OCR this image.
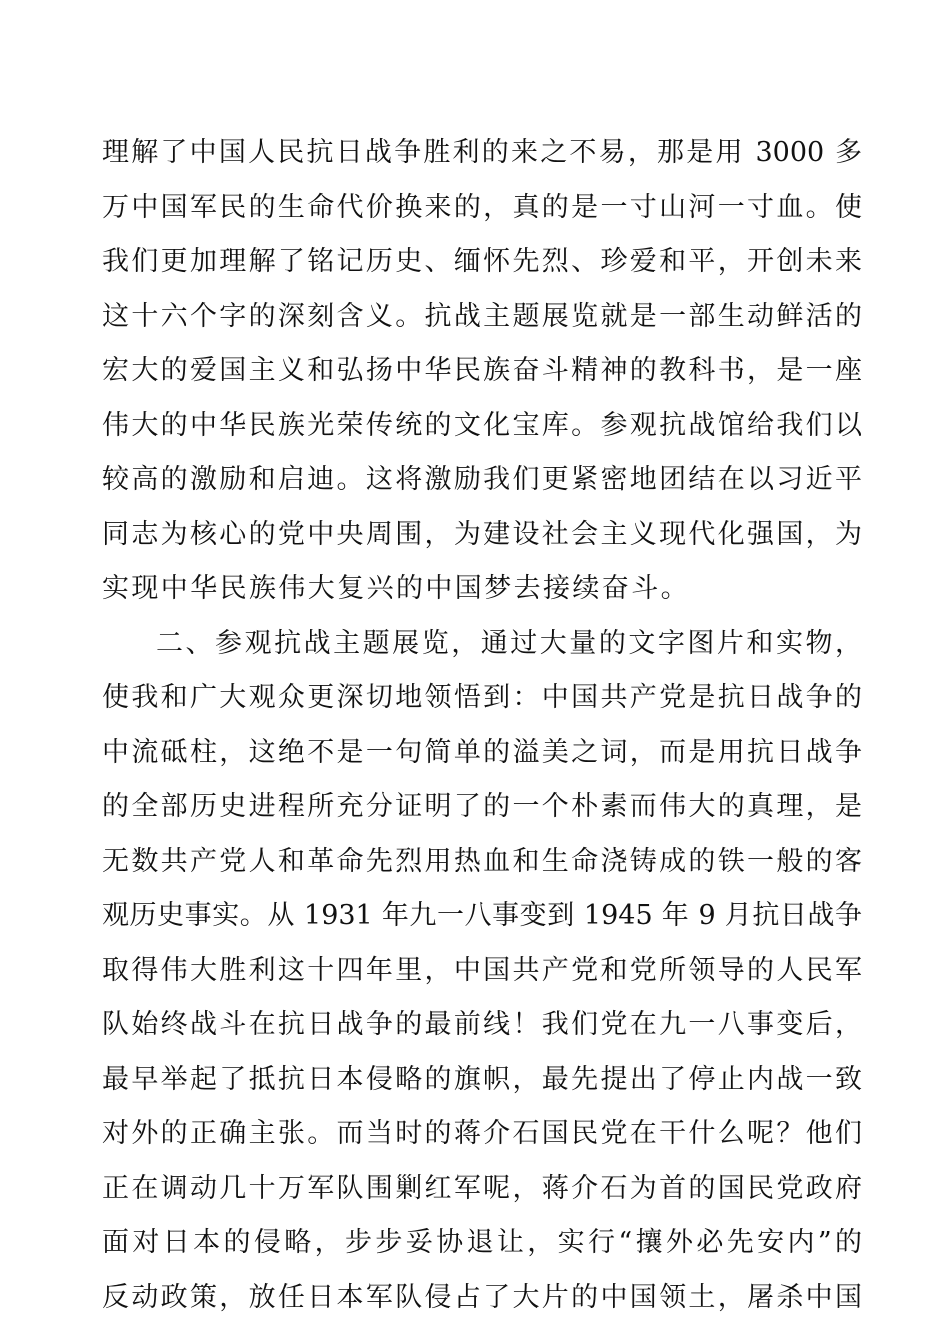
理解了中国人民抗日战争胜利的来之不易，那是用 3000 多
万中国军民的生命代价换来的，真的是一寸山河一寸血。使
我们更加理解了铭记历史、缅怀先烈、珍爱和平，开创未来
这十六个字的深刻含义。抗战主题展览就是一部生动鲜活的
宏大的爱国主义和弘扬中华民族奋斗精神的教科书，是一座
伟大的中华民族光荣传统的文化宝库。参观抗战馆给我们以
较高的激励和启迪。这将激励我们更紧密地团结在以习近平
同志为核心的党中央周围，为建设社会主义现代化强国，为
实现中华民族伟大复兴的中国梦去接续奋斗。
二、参观抗战主题展览，通过大量的文字图片和实物，
使我和广大观众更深切地领悟到：中国共产党是抗日战争的
中流砥柱，这绝不是一句简单的溢美之词，而是用抗日战争
的全部历史进程所充分证明了的一个朴素而伟大的真理，是
无数共产党人和革命先烈用热血和生命浇铸成的铁一般的客
观历史事实。从 1931 年九一八事变到 1945 年 9 月抗日战争
取得伟大胜利这十四年里，中国共产党和党所领导的人民军
队始终战斗在抗日战争的最前线！我们党在九一八事变后，
最早举起了抵抗日本侵略的旗帜，最先提出了停止内战一致
对外的正确主张。而当时的蒋介石国民党在干什么呢？他们
正在调动几十万军队围剿红军呢，蒋介石为首的国民党政府
面对日本的侵略，步步妥协退让，实行“攘外必先安内”的
反动政策，放任日本军队侵占了大片的中国领土，屠杀中国
